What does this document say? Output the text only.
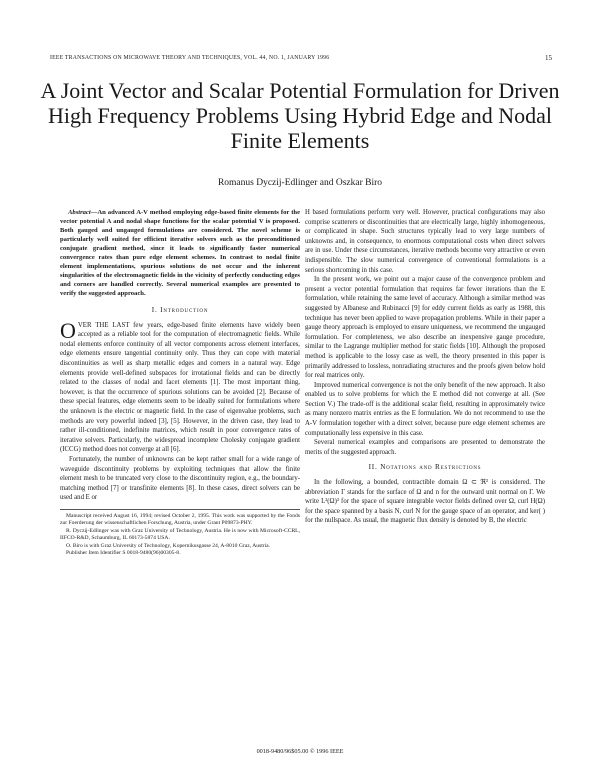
IEEE TRANSACTIONS ON MICROWAVE THEORY AND TECHNIQUES, VOL. 44, NO. 1, JANUARY 1996	15
A Joint Vector and Scalar Potential Formulation for Driven High Frequency Problems Using Hybrid Edge and Nodal Finite Elements
Romanus Dyczij-Edlinger and Oszkar Biro

Abstract—An advanced A-V method employing edge-based finite elements for the vector potential A and nodal shape functions for the scalar potential V is proposed. Both gauged and ungauged formulations are considered. The novel scheme is particularly well suited for efficient iterative solvers such as the preconditioned conjugate gradient method, since it leads to significantly faster numerical convergence rates than pure edge element schemes. In contrast to nodal finite element implementations, spurious solutions do not occur and the inherent singularities of the electromagnetic fields in the vicinity of perfectly conducting edges and corners are handled correctly. Several numerical examples are presented to verify the suggested approach.

I. Introduction

OVER THE LAST few years, edge-based finite elements have widely been accepted as a reliable tool for the computation of electromagnetic fields. While nodal elements enforce continuity of all vector components across element interfaces, edge elements ensure tangential continuity only. Thus they can cope with material discontinuities as well as sharp metallic edges and corners in a natural way. Edge elements provide well-defined subspaces for irrotational fields and can be directly related to the classes of nodal and facet elements [1]. The most important thing, however, is that the occurrence of spurious solutions can be avoided [2]. Because of these special features, edge elements seem to be ideally suited for formulations where the unknown is the electric or magnetic field. In the case of eigenvalue problems, such methods are very powerful indeed [3], [5]. However, in the driven case, they lead to rather ill-conditioned, indefinite matrices, which result in poor convergence rates of iterative solvers. Particularly, the widespread incomplete Cholesky conjugate gradient (ICCG) method does not converge at all [6].

Fortunately, the number of unknowns can be kept rather small for a wide range of waveguide discontinuity problems by exploiting techniques that allow the finite element mesh to be truncated very close to the discontinuity region, e.g., the boundary-matching method [7] or transfinite elements [8]. In these cases, direct solvers can be used and E or

Manuscript received August 16, 1994; revised October 2, 1995. This work was supported by the Fonds zur Foerderung der wissenschaftlichen Forschung, Austria, under Grant P09873-PHY.

R. Dyczij-Edlinger was with Graz University of Technology, Austria. He is now with Microsoft-CCRL, IIFCO-R&D, Schaumburg, IL 60173-5874 USA.

O. Biro is with Graz University of Technology, Kopernikusgasse 24, A-8010 Graz, Austria.

Publisher Item Identifier S 0018-9480(96)00305-8.

H based formulations perform very well. However, practical configurations may also comprise scatterers or discontinuities that are electrically large, highly inhomogeneous, or complicated in shape. Such structures typically lead to very large numbers of unknowns and, in consequence, to enormous computational costs when direct solvers are in use. Under these circumstances, iterative methods become very attractive or even indispensible. The slow numerical convergence of conventional formulations is a serious shortcoming in this case.

In the present work, we point out a major cause of the convergence problem and present a vector potential formulation that requires far fewer iterations than the E formulation, while retaining the same level of accuracy. Although a similar method was suggested by Albanese and Rubinacci [9] for eddy current fields as early as 1988, this technique has never been applied to wave propagation problems. While in their paper a gauge theory approach is employed to ensure uniqueness, we recommend the ungauged formulation. For completeness, we also describe an inexpensive gauge procedure, similar to the Lagrange multiplier method for static fields [10]. Although the proposed method is applicable to the lossy case as well, the theory presented in this paper is primarily addressed to lossless, nonradiating structures and the proofs given below hold for real matrices only.

Improved numerical convergence is not the only benefit of the new approach. It also enabled us to solve problems for which the E method did not converge at all. (See Section V.) The trade-off is the additional scalar field, resulting in approximately twice as many nonzero matrix entries as the E formulation. We do not recommend to use the A-V formulation together with a direct solver, because pure edge element schemes are computationally less expensive in this case.

Several numerical examples and comparisons are presented to demonstrate the merits of the suggested approach.

II. Notations and Restrictions

In the following, a bounded, contractible domain Ω ⊂ ℜ³ is considered. The abbreviation Γ stands for the surface of Ω and n for the outward unit normal on Γ. We write L²(Ω)³ for the space of square integrable vector fields defined over Ω, curl H(Ω) for the space spanned by a basis N, curl N for the gauge space of an operator, and ker( ) for the nullspace. As usual, the magnetic flux density is denoted by B, the electric

0018-9480/96$05.00 © 1996 IEEE
